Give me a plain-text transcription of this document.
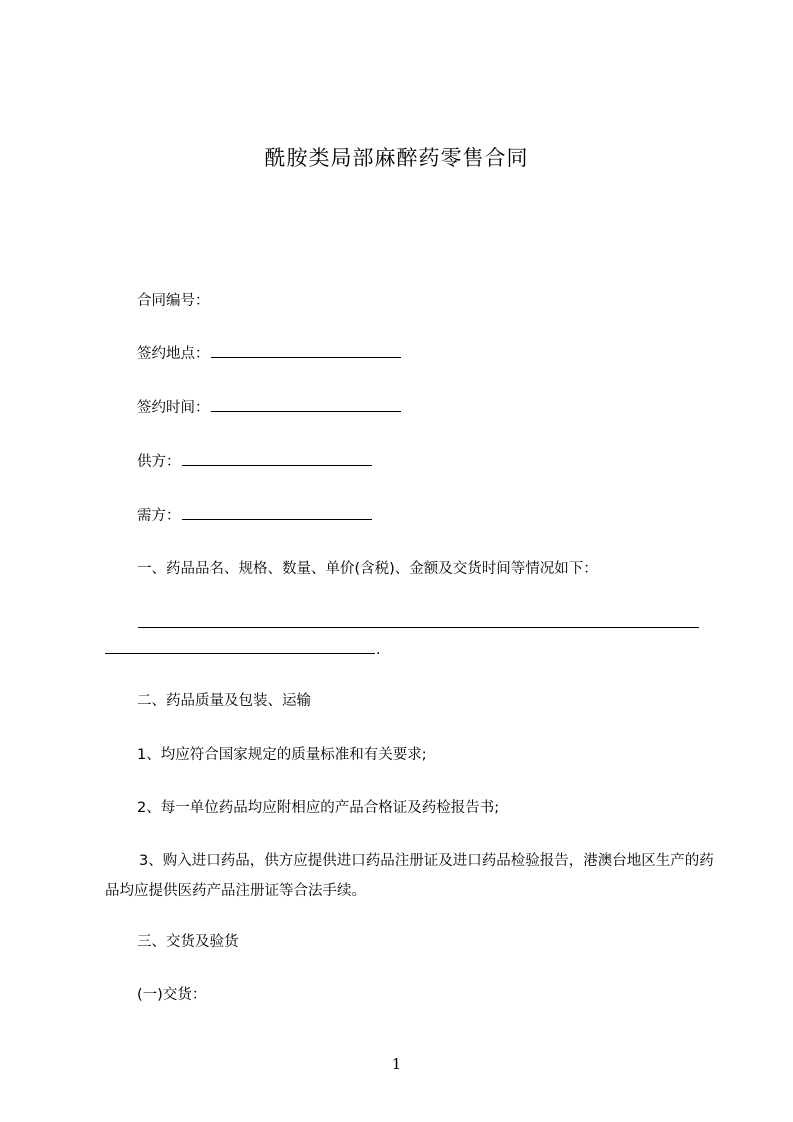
酰胺类局部麻醉药零售合同
合同编号：
签约地点：
签约时间：
供方：
需方：
一、药品品名、规格、数量、单价(含税)、金额及交货时间等情况如下：
.
二、药品质量及包装、运输
1、均应符合国家规定的质量标准和有关要求;
2、每一单位药品均应附相应的产品合格证及药检报告书;
3、购入进口药品，供方应提供进口药品注册证及进口药品检验报告，港澳台地区生产的药品均应提供医药产品注册证等合法手续。
三、交货及验货
(一)交货：
1
